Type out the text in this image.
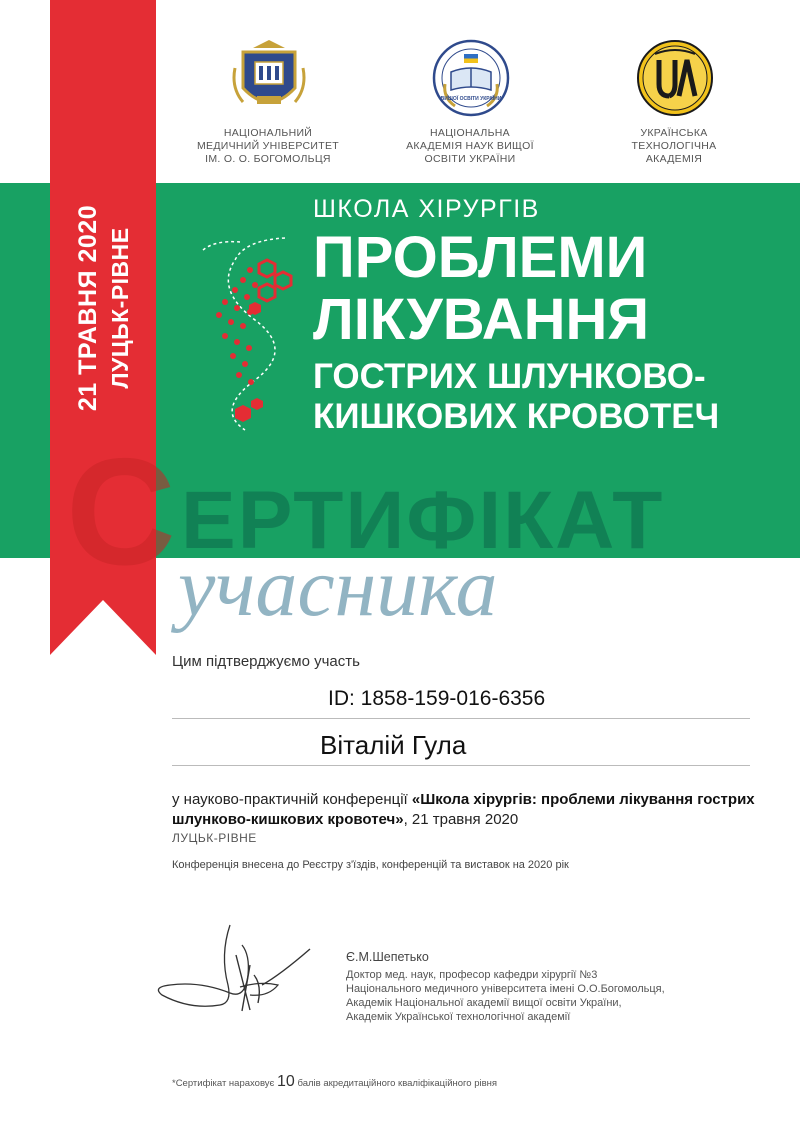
21 ТРАВНЯ 2020 ЛУЦЬК-РІВНЕ
НАЦІОНАЛЬНИЙ
МЕДИЧНИЙ УНІВЕРСИТЕТ
ІМ. О. О. БОГОМОЛЬЦЯ
ВИЩОЇ ОСВІТИ УКРАЇНИ
НАЦІОНАЛЬНА
АКАДЕМІЯ НАУК ВИЩОЇ
ОСВІТИ УКРАЇНИ
УКРАЇНСЬКА
ТЕХНОЛОГІЧНА
АКАДЕМІЯ
ШКОЛА ХІРУРГІВ
ПРОБЛЕМИ
ЛІКУВАННЯ
ГОСТРИХ ШЛУНКОВО-
КИШКОВИХ КРОВОТЕЧ
С ЕРТИФІКАТ
учасника
Цим підтверджуємо участь
ID: 1858-159-016-6356
Віталій Гула
у науково-практичній конференції «Школа хірургів: проблеми лікування гострих шлунково-кишкових кровотеч», 21 травня 2020
ЛУЦЬК-РІВНЕ
Конференція внесена до Реєстру з'їздів, конференцій та виставок на 2020 рік
Є.М.Шепетько
Доктор мед. наук, професор кафедри хірургії №3
Національного медичного університета імені О.О.Богомольця,
Академік Національної академії вищої освіти України,
Академік Української технологічної академії
*Сертифікат нараховує 10 балів акредитаційного кваліфікаційного рівня
